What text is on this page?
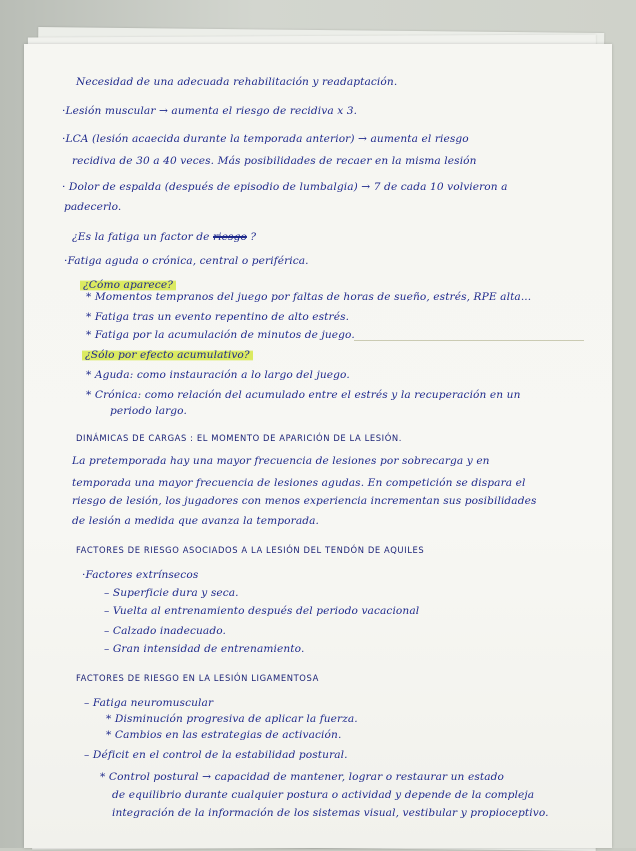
Necesidad de una adecuada rehabilitación y readaptación.
·Lesión muscular → aumenta el riesgo de recidiva x 3.
·LCA (lesión acaecida durante la temporada anterior) → aumenta el riesgo
recidiva de 30 a 40 veces. Más posibilidades de recaer en la misma lesión
· Dolor de espalda (después de episodio de lumbalgia) → 7 de cada 10 volvieron a
padecerlo.
¿Es la fatiga un factor de riesgo ?
·Fatiga aguda o crónica, central o periférica.
¿Cómo aparece?
* Momentos tempranos del juego por faltas de horas de sueño, estrés, RPE alta...
* Fatiga tras un evento repentino de alto estrés.
* Fatiga por la acumulación de minutos de juego.
¿Sólo por efecto acumulativo?
* Aguda: como instauración a lo largo del juego.
* Crónica: como relación del acumulado entre el estrés y la recuperación en un
periodo largo.
DINÁMICAS DE CARGAS : EL MOMENTO DE APARICIÓN DE LA LESIÓN.
La pretemporada hay una mayor frecuencia de lesiones por sobrecarga y en
temporada una mayor frecuencia de lesiones agudas. En competición se dispara el
riesgo de lesión, los jugadores con menos experiencia incrementan sus posibilidades
de lesión a medida que avanza la temporada.
FACTORES DE RIESGO ASOCIADOS A LA LESIÓN DEL TENDÓN DE AQUILES
·Factores extrínsecos
– Superficie dura y seca.
– Vuelta al entrenamiento después del periodo vacacional
– Calzado inadecuado.
– Gran intensidad de entrenamiento.
FACTORES DE RIESGO EN LA LESIÓN LIGAMENTOSA
– Fatiga neuromuscular
* Disminución progresiva de aplicar la fuerza.
* Cambios en las estrategias de activación.
– Déficit en el control de la estabilidad postural.
* Control postural → capacidad de mantener, lograr o restaurar un estado
de equilibrio durante cualquier postura o actividad y depende de la compleja
integración de la información de los sistemas visual, vestibular y propioceptivo.
